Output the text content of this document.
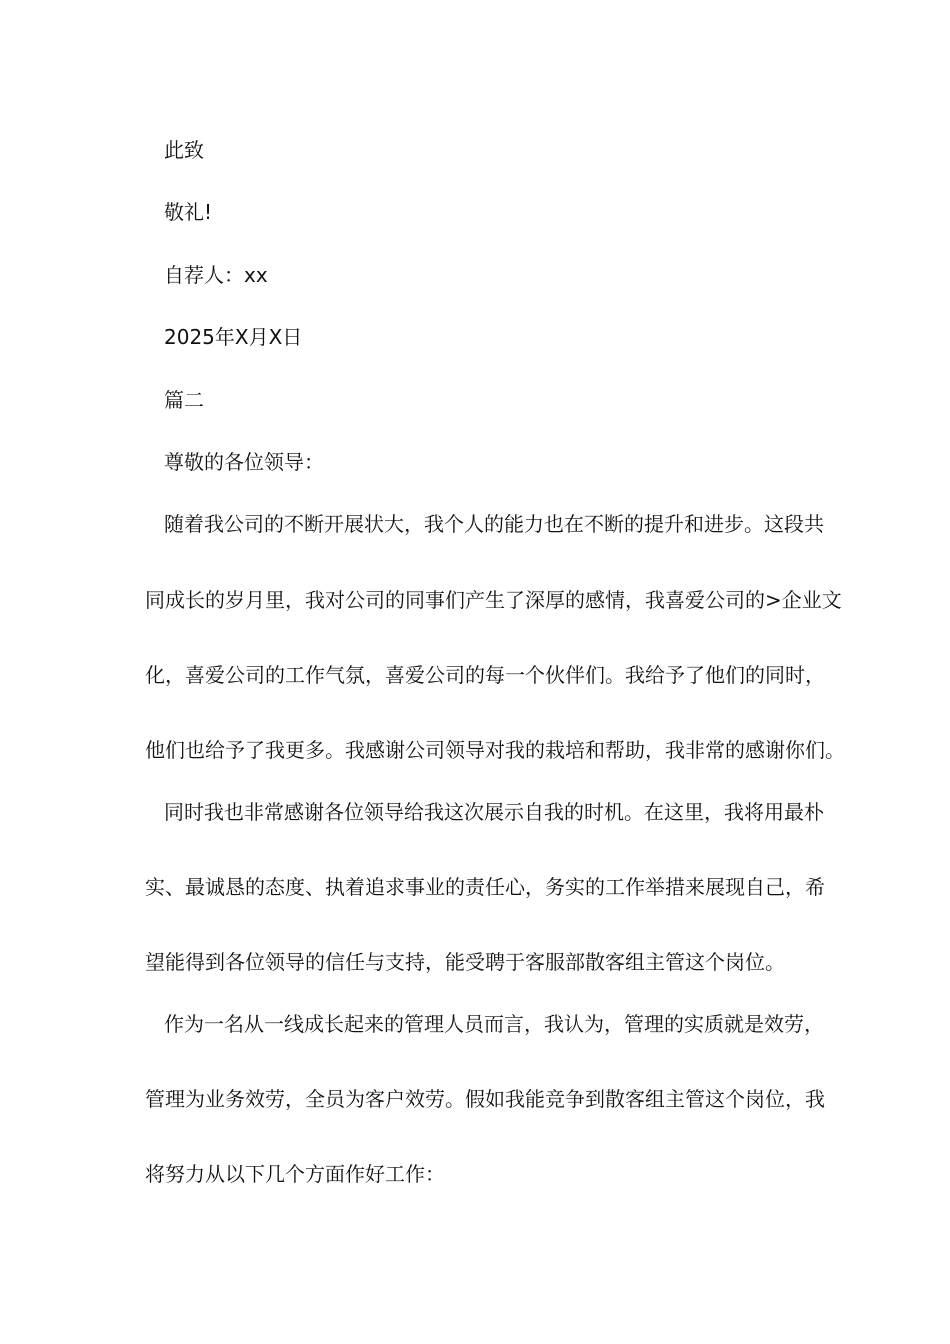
此致
敬礼!
自荐人：xx
2025年X月X日
篇二
尊敬的各位领导：
随着我公司的不断开展状大，我个人的能力也在不断的提升和进步。这段共
同成长的岁月里，我对公司的同事们产生了深厚的感情，我喜爱公司的>企业文
化，喜爱公司的工作气氛，喜爱公司的每一个伙伴们。我给予了他们的同时，
他们也给予了我更多。我感谢公司领导对我的栽培和帮助，我非常的感谢你们。
同时我也非常感谢各位领导给我这次展示自我的时机。在这里，我将用最朴
实、最诚恳的态度、执着追求事业的责任心，务实的工作举措来展现自己，希
望能得到各位领导的信任与支持，能受聘于客服部散客组主管这个岗位。
作为一名从一线成长起来的管理人员而言，我认为，管理的实质就是效劳，
管理为业务效劳，全员为客户效劳。假如我能竞争到散客组主管这个岗位，我
将努力从以下几个方面作好工作：
